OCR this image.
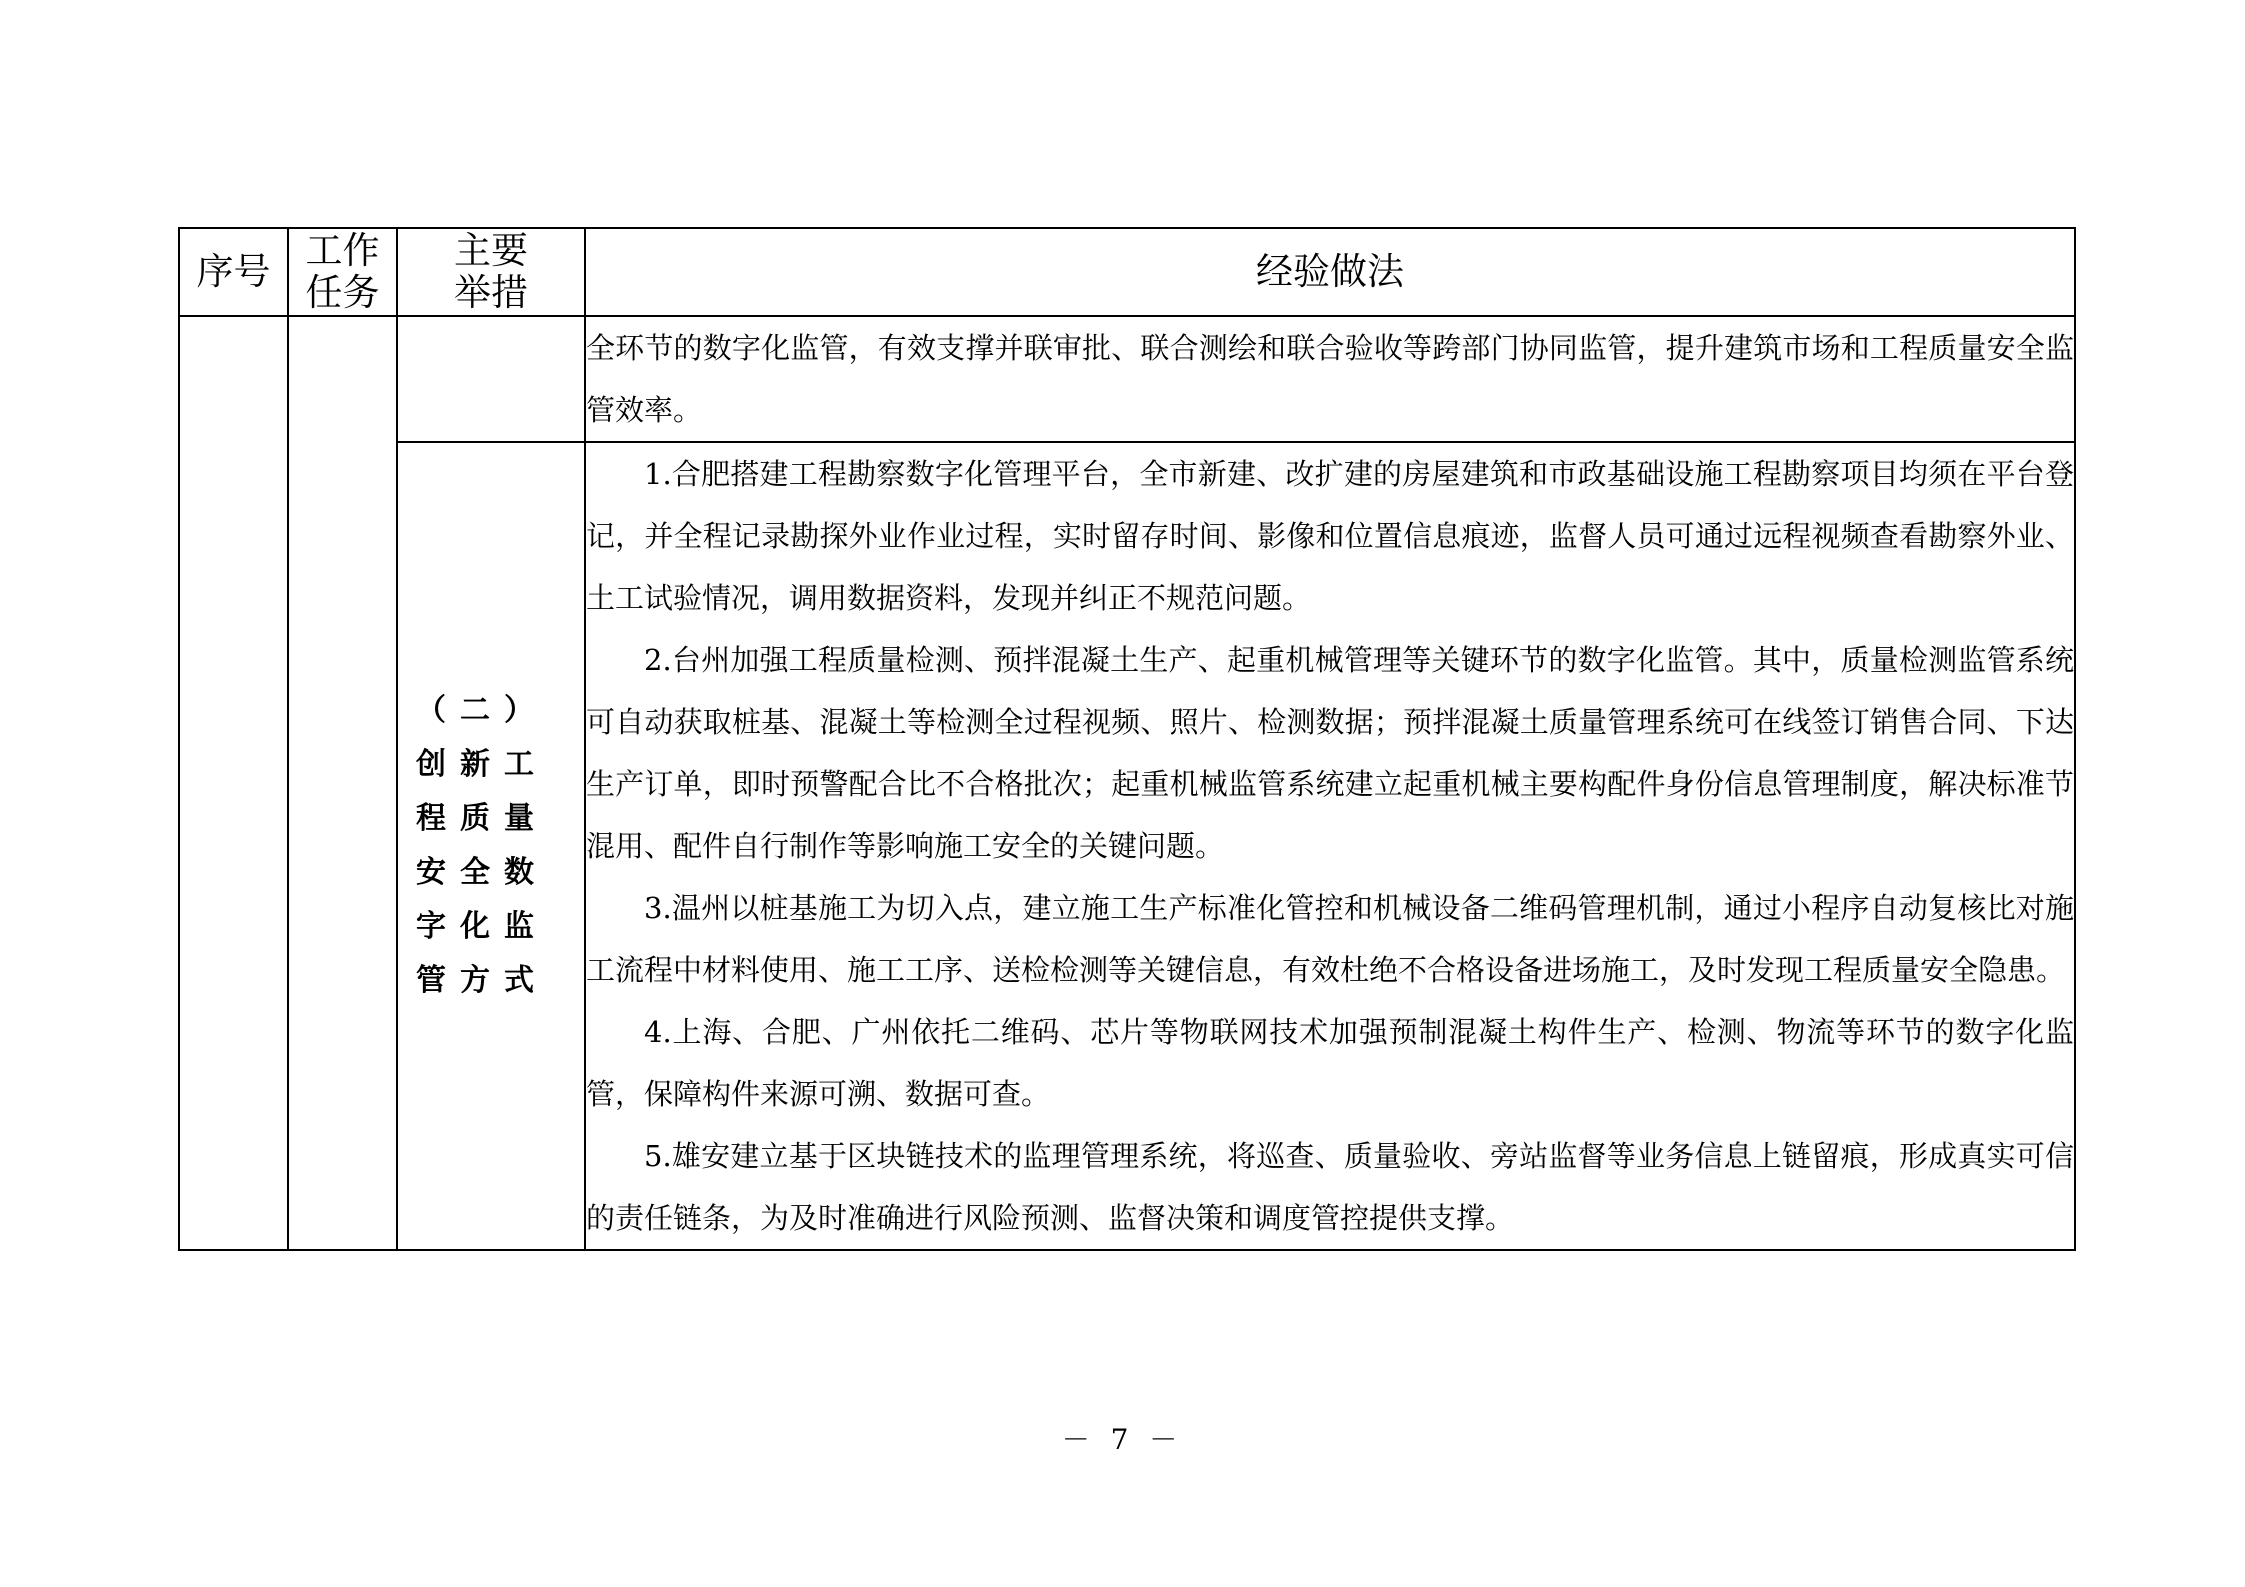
序号	工作任务	主要举措	经验做法

			全环节的数字化监管，有效支撑并联审批、联合测绘和联合验收等跨部门协同监管，提升建筑市场和工程质量安全监管效率。

		（二）创新工程质量安全数字化监管方式	1.合肥搭建工程勘察数字化管理平台，全市新建、改扩建的房屋建筑和市政基础设施工程勘察项目均须在平台登记，并全程记录勘探外业作业过程，实时留存时间、影像和位置信息痕迹，监督人员可通过远程视频查看勘察外业、土工试验情况，调用数据资料，发现并纠正不规范问题。

2.台州加强工程质量检测、预拌混凝土生产、起重机械管理等关键环节的数字化监管。其中，质量检测监管系统可自动获取桩基、混凝土等检测全过程视频、照片、检测数据；预拌混凝土质量管理系统可在线签订销售合同、下达生产订单，即时预警配合比不合格批次；起重机械监管系统建立起重机械主要构配件身份信息管理制度，解决标准节混用、配件自行制作等影响施工安全的关键问题。

3.温州以桩基施工为切入点，建立施工生产标准化管控和机械设备二维码管理机制，通过小程序自动复核比对施工流程中材料使用、施工工序、送检检测等关键信息，有效杜绝不合格设备进场施工，及时发现工程质量安全隐患。

4.上海、合肥、广州依托二维码、芯片等物联网技术加强预制混凝土构件生产、检测、物流等环节的数字化监管，保障构件来源可溯、数据可查。

5.雄安建立基于区块链技术的监理管理系统，将巡查、质量验收、旁站监督等业务信息上链留痕，形成真实可信的责任链条，为及时准确进行风险预测、监督决策和调度管控提供支撑。

－ 7 －
